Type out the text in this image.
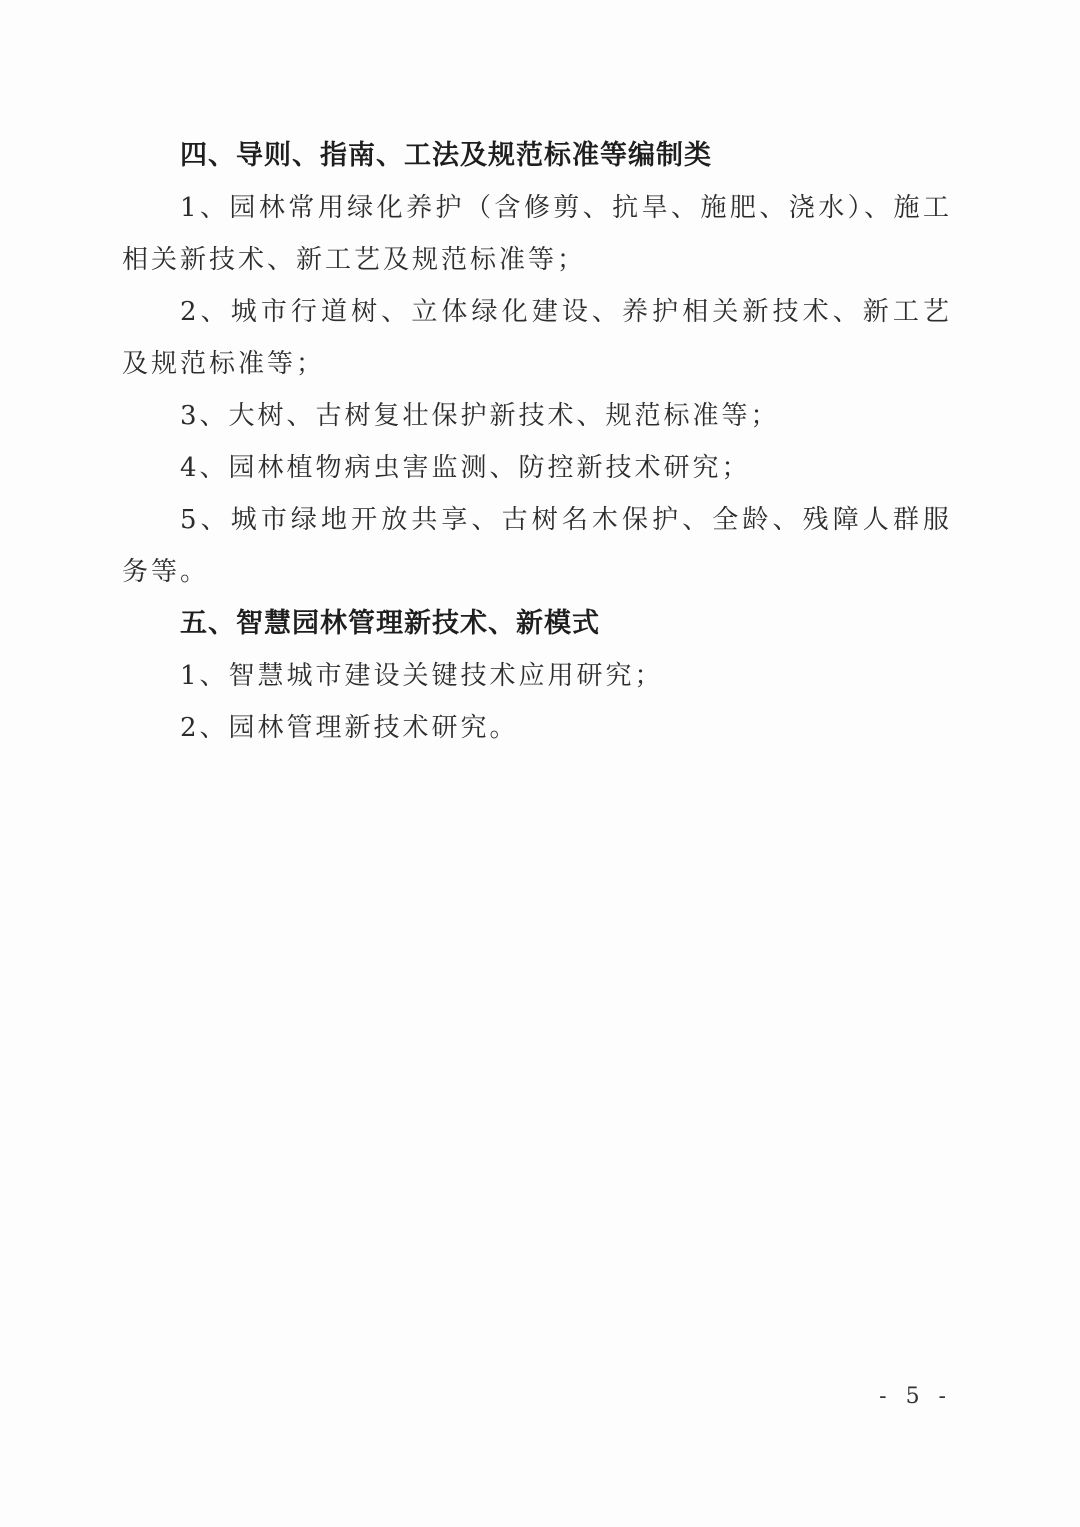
四、导则、指南、工法及规范标准等编制类

1、园林常用绿化养护（含修剪、抗旱、施肥、浇水）、施工相关新技术、新工艺及规范标准等；

2、城市行道树、立体绿化建设、养护相关新技术、新工艺及规范标准等；

3、大树、古树复壮保护新技术、规范标准等；

4、园林植物病虫害监测、防控新技术研究；

5、城市绿地开放共享、古树名木保护、全龄、残障人群服务等。

五、智慧园林管理新技术、新模式

1、智慧城市建设关键技术应用研究；

2、园林管理新技术研究。

- 5 -
